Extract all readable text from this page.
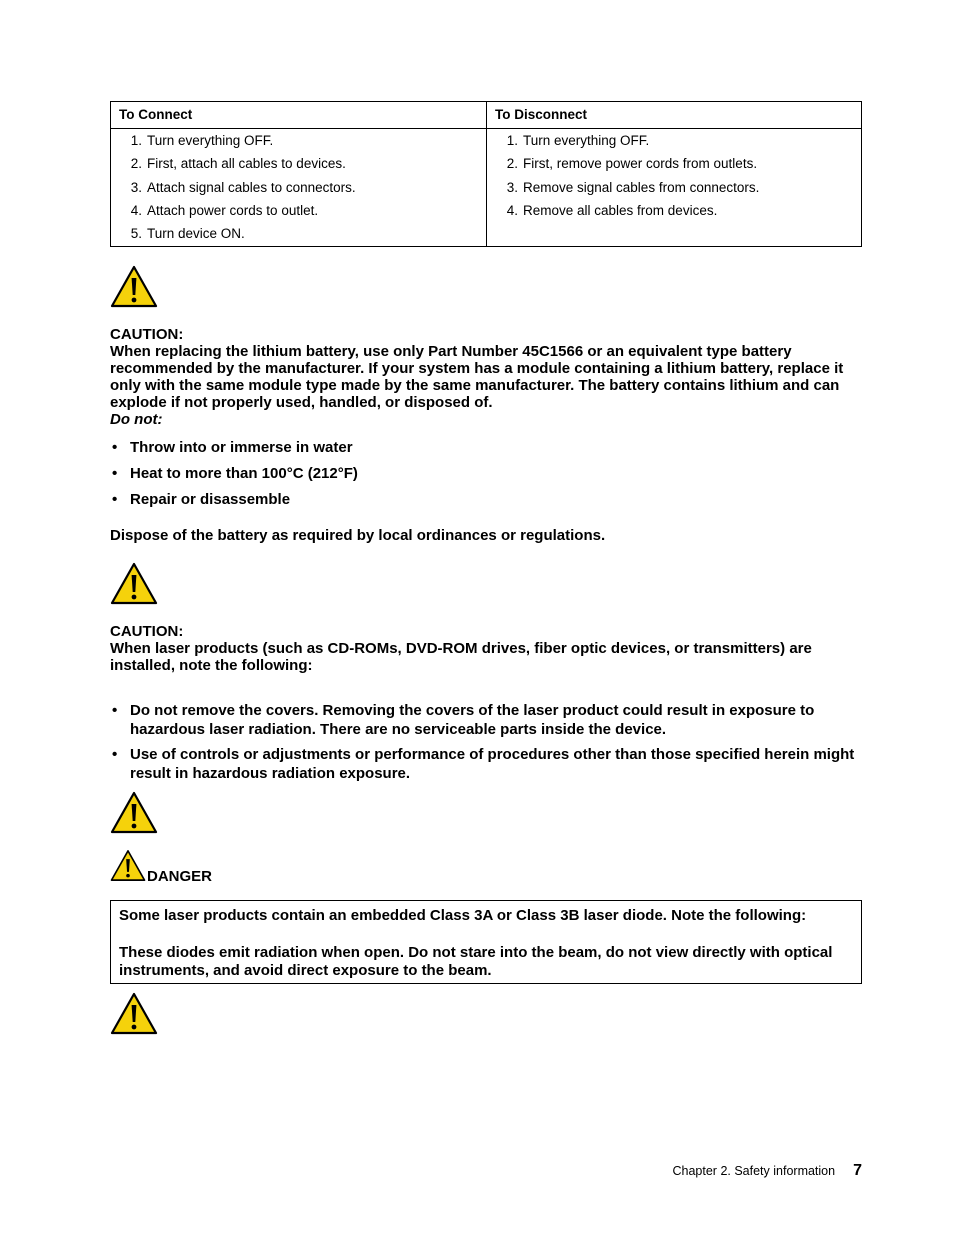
To Connect
1. Turn everything OFF.
2. First, attach all cables to devices.
3. Attach signal cables to connectors.
4. Attach power cords to outlet.
5. Turn device ON.
To Disconnect
1. Turn everything OFF.
2. First, remove power cords from outlets.
3. Remove signal cables from connectors.
4. Remove all cables from devices.
CAUTION:
When replacing the lithium battery, use only Part Number 45C1566 or an equivalent type battery recommended by the manufacturer. If your system has a module containing a lithium battery, replace it only with the same module type made by the same manufacturer. The battery contains lithium and can explode if not properly used, handled, or disposed of.
Do not:
• Throw into or immerse in water
• Heat to more than 100°C (212°F)
• Repair or disassemble
Dispose of the battery as required by local ordinances or regulations.
CAUTION:
When laser products (such as CD-ROMs, DVD-ROM drives, fiber optic devices, or transmitters) are installed, note the following:
• Do not remove the covers. Removing the covers of the laser product could result in exposure to hazardous laser radiation. There are no serviceable parts inside the device.
• Use of controls or adjustments or performance of procedures other than those specified herein might result in hazardous radiation exposure.
DANGER
Some laser products contain an embedded Class 3A or Class 3B laser diode. Note the following:
These diodes emit radiation when open. Do not stare into the beam, do not view directly with optical instruments, and avoid direct exposure to the beam.
Chapter 2. Safety information 7
